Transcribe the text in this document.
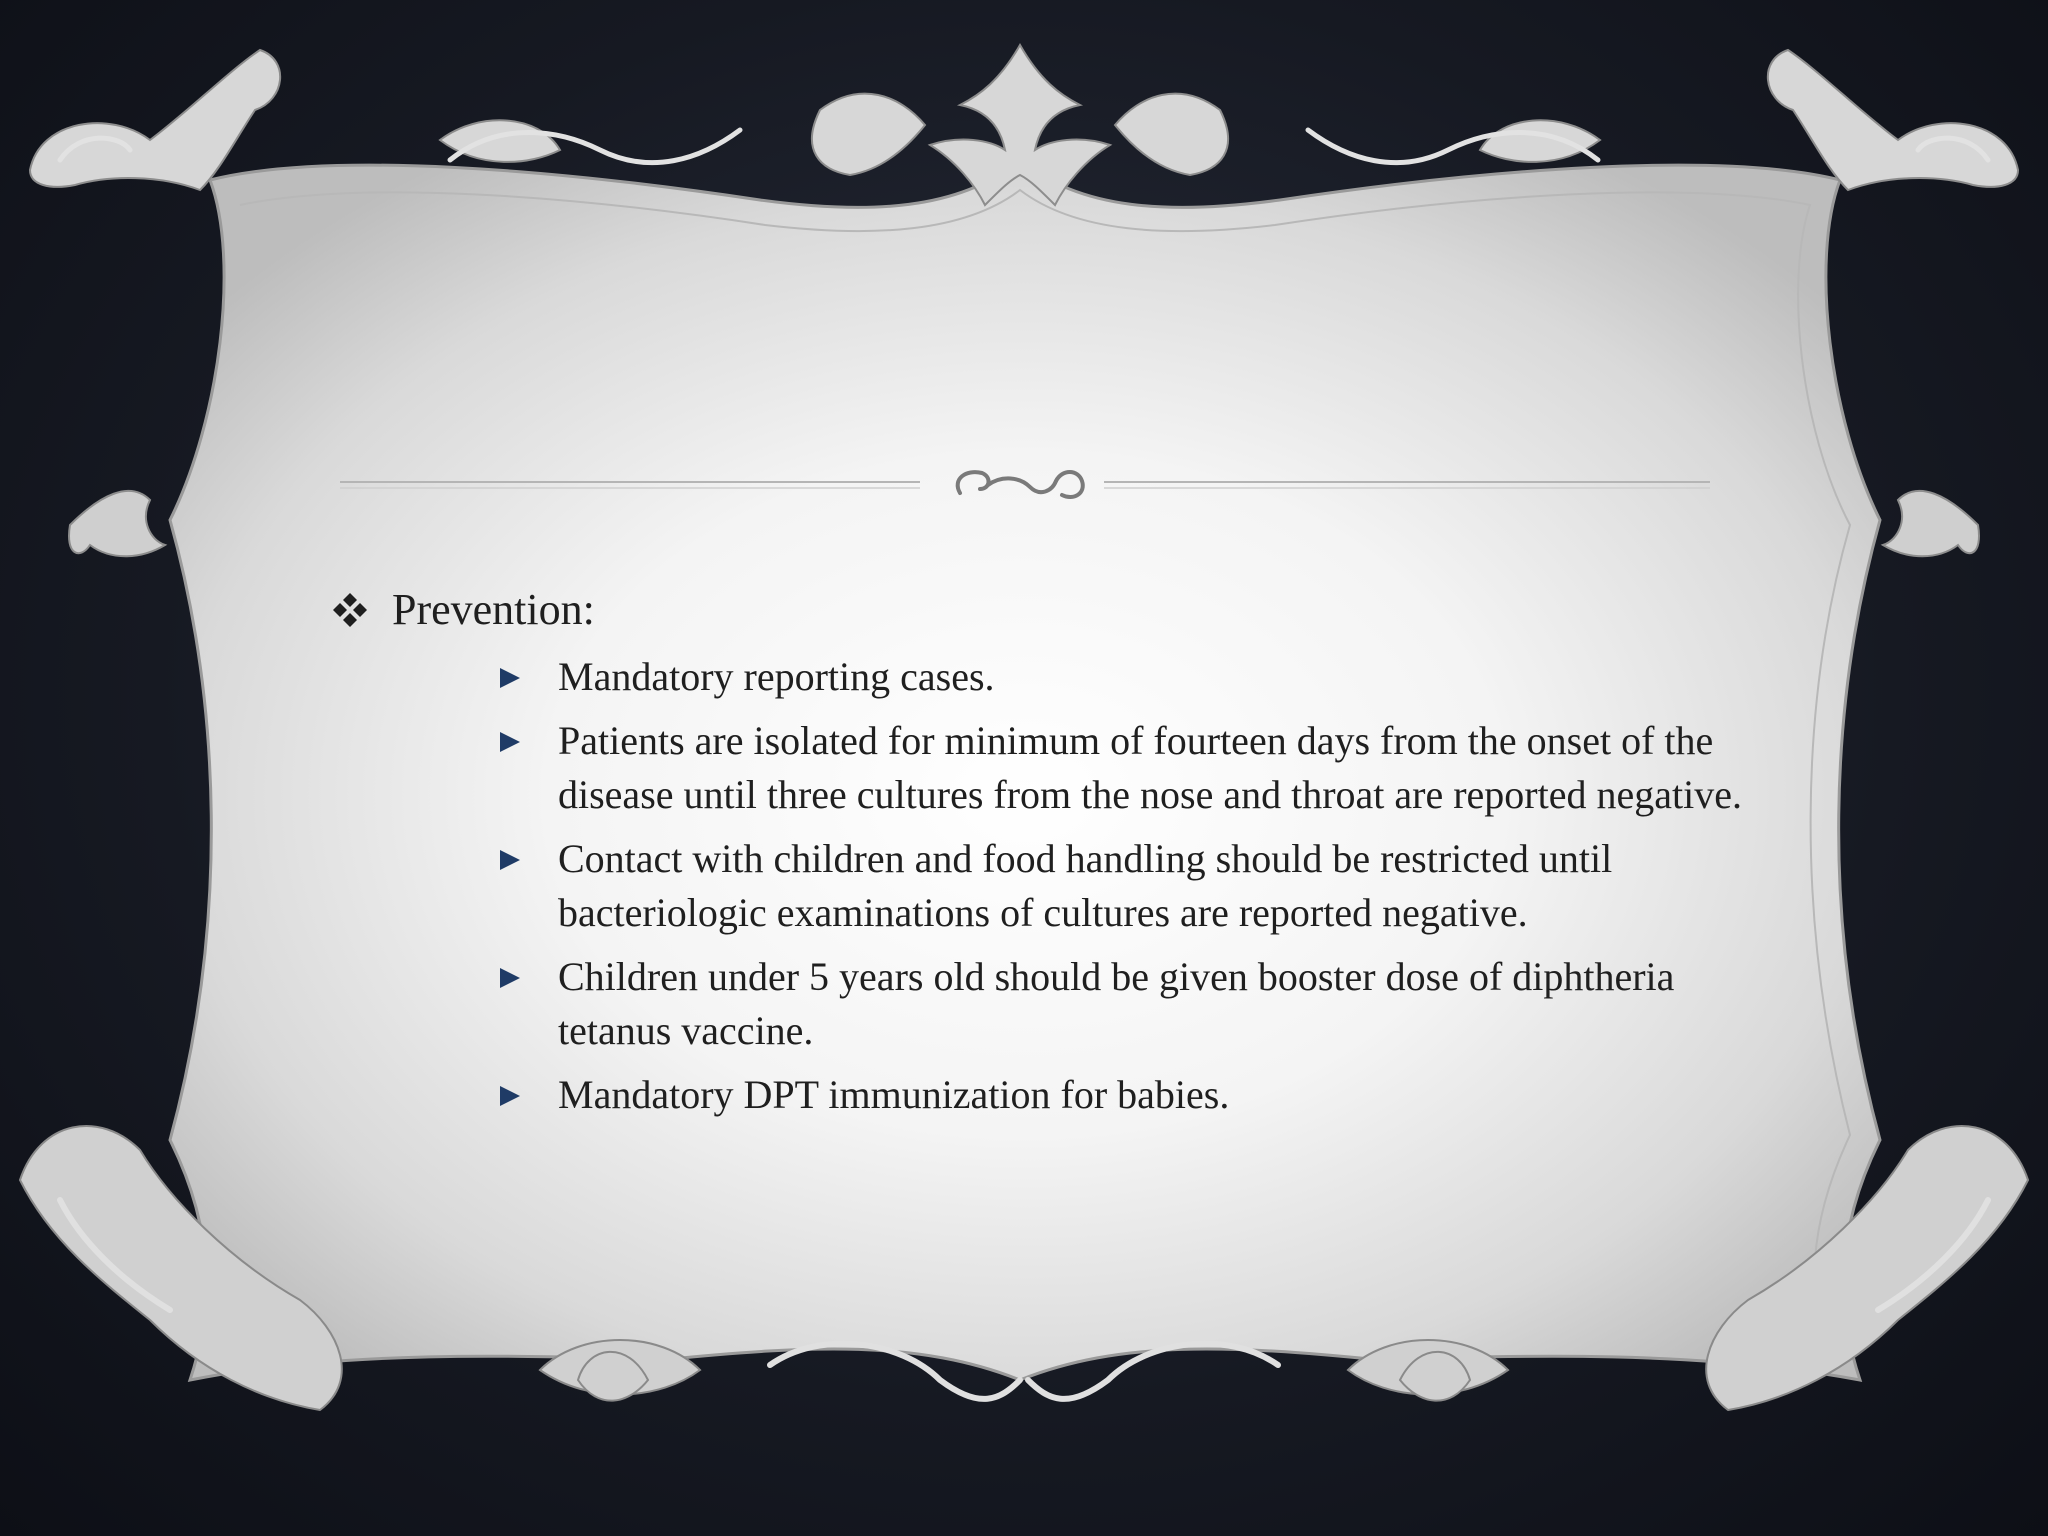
Prevention:
Mandatory reporting cases.
Patients are isolated for minimum of fourteen days from the onset of the disease until three cultures from the nose and throat are reported negative.
Contact with children and food handling should be restricted until bacteriologic examinations of cultures are reported negative.
Children under 5 years old should be given booster dose of diphtheria tetanus vaccine.
Mandatory DPT immunization for babies.
